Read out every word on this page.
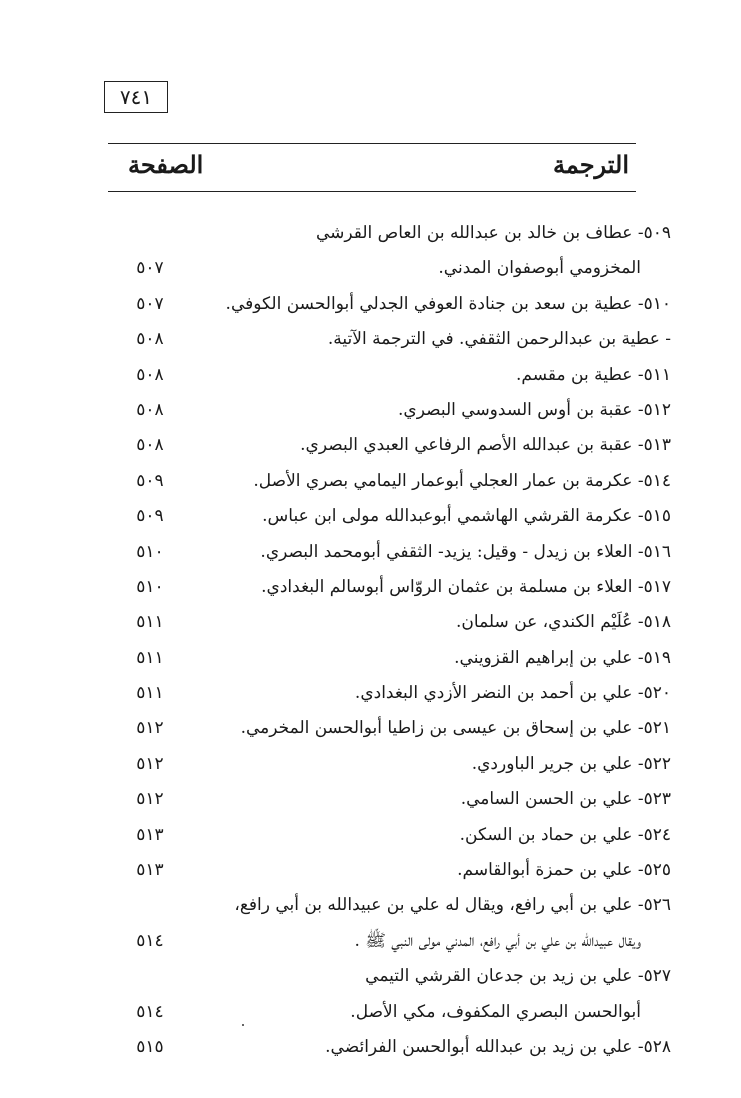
٧٤١
الترجمة
الصفحة
٥٠٩- عطاف بن خالد بن عبدالله بن العاص القرشي
المخزومي أبوصفوان المدني.
٥٠٧
٥١٠- عطية بن سعد بن جنادة العوفي الجدلي أبوالحسن الكوفي.
٥٠٧
- عطية بن عبدالرحمن الثقفي. في الترجمة الآتية.
٥٠٨
٥١١- عطية بن مقسم.
٥٠٨
٥١٢- عقبة بن أوس السدوسي البصري.
٥٠٨
٥١٣- عقبة بن عبدالله الأصم الرفاعي العبدي البصري.
٥٠٨
٥١٤- عكرمة بن عمار العجلي أبوعمار اليمامي بصري الأصل.
٥٠٩
٥١٥- عكرمة القرشي الهاشمي أبوعبدالله مولى ابن عباس.
٥٠٩
٥١٦- العلاء بن زيدل - وقيل: يزيد- الثقفي أبومحمد البصري.
٥١٠
٥١٧- العلاء بن مسلمة بن عثمان الروّاس أبوسالم البغدادي.
٥١٠
٥١٨- عُلَيْم الكندي، عن سلمان.
٥١١
٥١٩- علي بن إبراهيم القزويني.
٥١١
٥٢٠- علي بن أحمد بن النضر الأزدي البغدادي.
٥١١
٥٢١- علي بن إسحاق بن عيسى بن زاطيا أبوالحسن المخرمي.
٥١٢
٥٢٢- علي بن جرير الباوردي.
٥١٢
٥٢٣- علي بن الحسن السامي.
٥١٢
٥٢٤- علي بن حماد بن السكن.
٥١٣
٥٢٥- علي بن حمزة أبوالقاسم.
٥١٣
٥٢٦- علي بن أبي رافع، ويقال له علي بن عبيدالله بن أبي رافع،
ويقال عبيدالله بن علي بن أبي رافع، المدني مولى النبي ﷺ .
٥١٤
٥٢٧- علي بن زيد بن جدعان القرشي التيمي
أبوالحسن البصري المكفوف، مكي الأصل.
٥١٤
٥٢٨- علي بن زيد بن عبدالله أبوالحسن الفرائضي.
٥١٥
